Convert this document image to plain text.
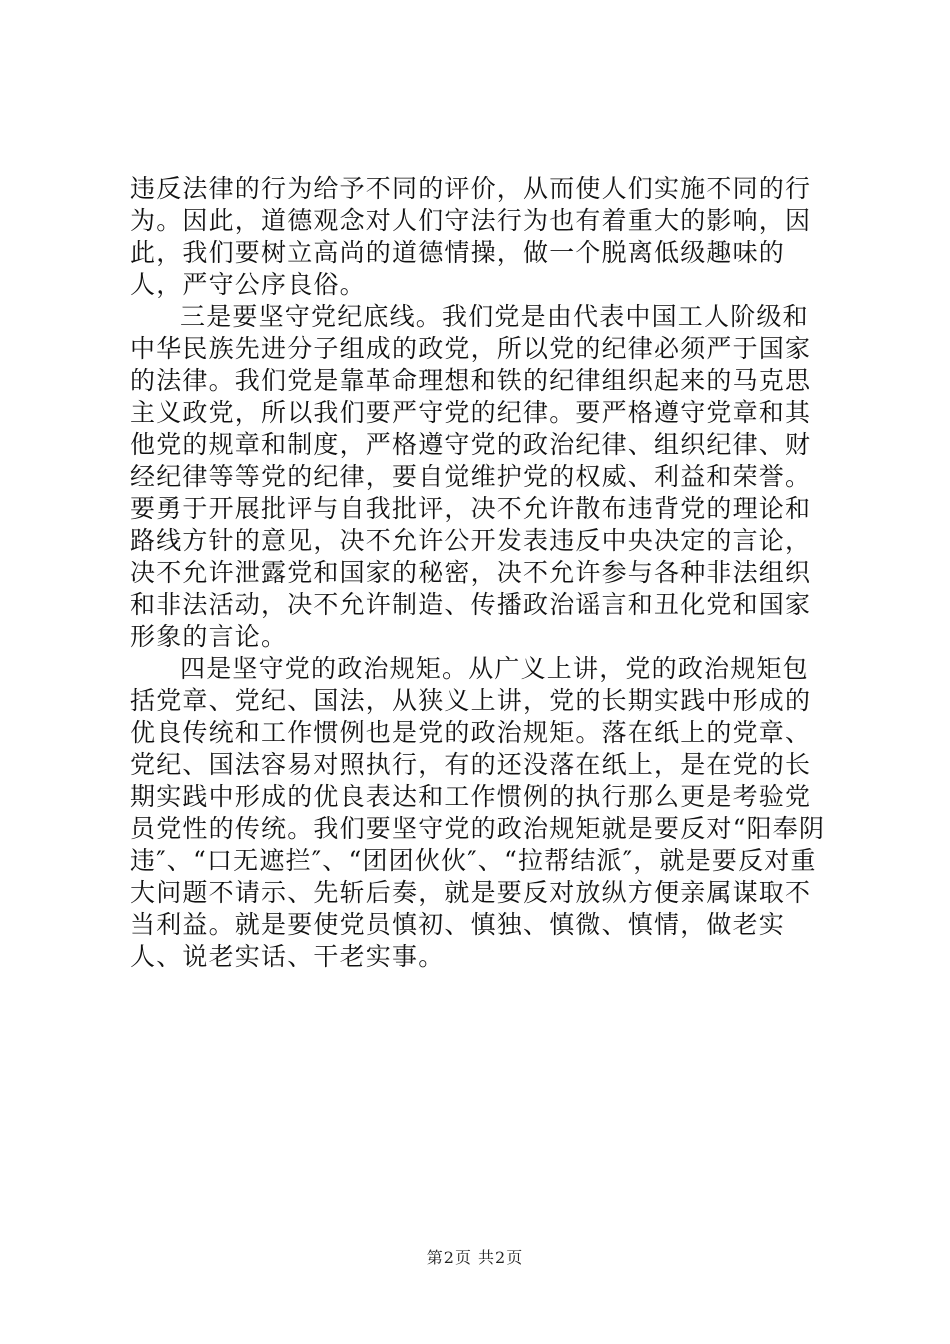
违反法律的行为给予不同的评价，从而使人们实施不同的行为。因此，道德观念对人们守法行为也有着重大的影响，因此，我们要树立高尚的道德情操，做一个脱离低级趣味的人，严守公序良俗。

三是要坚守党纪底线。我们党是由代表中国工人阶级和中华民族先进分子组成的政党，所以党的纪律必须严于国家的法律。我们党是靠革命理想和铁的纪律组织起来的马克思主义政党，所以我们要严守党的纪律。要严格遵守党章和其他党的规章和制度，严格遵守党的政治纪律、组织纪律、财经纪律等等党的纪律，要自觉维护党的权威、利益和荣誉。要勇于开展批评与自我批评，决不允许散布违背党的理论和路线方针的意见，决不允许公开发表违反中央决定的言论，决不允许泄露党和国家的秘密，决不允许参与各种非法组织和非法活动，决不允许制造、传播政治谣言和丑化党和国家形象的言论。

四是坚守党的政治规矩。从广义上讲，党的政治规矩包括党章、党纪、国法，从狭义上讲，党的长期实践中形成的优良传统和工作惯例也是党的政治规矩。落在纸上的党章、党纪、国法容易对照执行，有的还没落在纸上，是在党的长期实践中形成的优良表达和工作惯例的执行那么更是考验党员党性的传统。我们要坚守党的政治规矩就是要反对“阳奉阴违″、“口无遮拦″、“团团伙伙″、“拉帮结派″，就是要反对重大问题不请示、先斩后奏，就是要反对放纵方便亲属谋取不当利益。就是要使党员慎初、慎独、慎微、慎情，做老实人、说老实话、干老实事。

第2页 共2页
